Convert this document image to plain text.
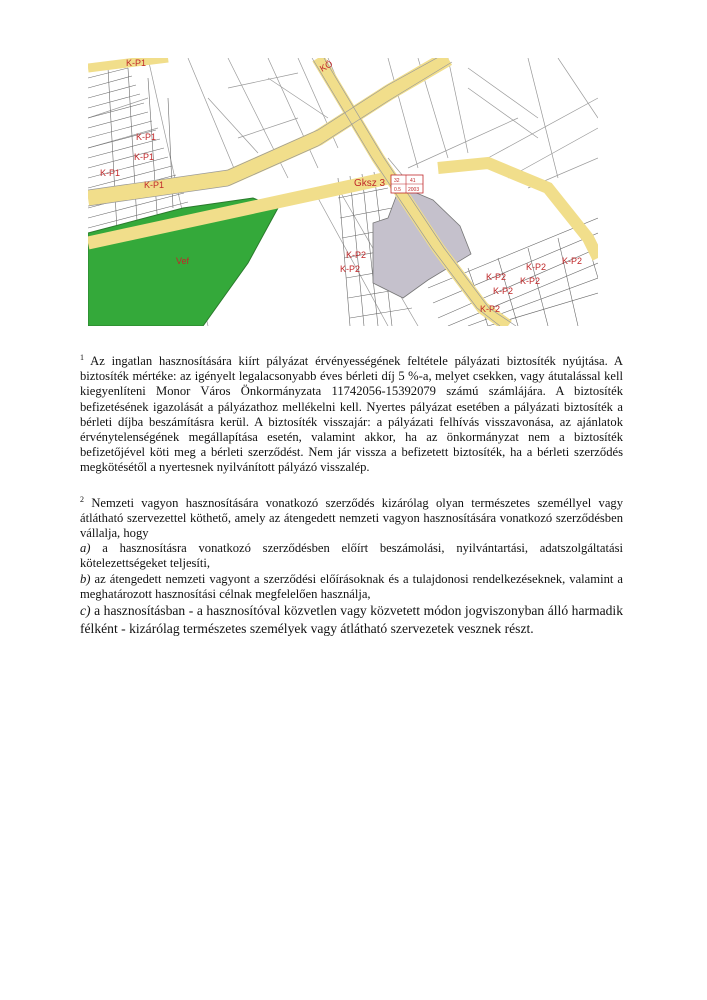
K-P1
K-P1
K-P1
K-P1
K-P1
K-P2
K-P2
K-P2
K-P2
K-P2
K-P2
K-P2
K-P2
KÖ
Vef
Gksz 3 32 41
0.5 2003

$^1$ Az ingatlan hasznosítására kiírt pályázat érvényességének feltétele pályázati biztosíték nyújtása. A biztosíték mértéke: az igényelt legalacsonyabb éves bérleti díj 5 %-a, melyet csekken, vagy átutalással kell kiegyenlíteni Monor Város Önkormányzata 11742056-15392079 számú számlájára. A biztosíték befizetésének igazolását a pályázathoz mellékelni kell. Nyertes pályázat esetében a pályázati biztosíték a bérleti díjba beszámításra kerül. A biztosíték visszajár: a pályázati felhívás visszavonása, az ajánlatok érvénytelenségének megállapítása esetén, valamint akkor, ha az önkormányzat nem a biztosíték befizetőjével köti meg a bérleti szerződést. Nem jár vissza a befizetett biztosíték, ha a bérleti szerződés megkötésétől a nyertesnek nyilvánított pályázó visszalép.

$^2$ Nemzeti vagyon hasznosítására vonatkozó szerződés kizárólag olyan természetes személlyel vagy átlátható szervezettel köthető, amely az átengedett nemzeti vagyon hasznosítására vonatkozó szerződésben vállalja, hogy

a) a hasznosításra vonatkozó szerződésben előírt beszámolási, nyilvántartási, adatszolgáltatási kötelezettségeket teljesíti,

b) az átengedett nemzeti vagyont a szerződési előírásoknak és a tulajdonosi rendelkezéseknek, valamint a meghatározott hasznosítási célnak megfelelően használja,

c) a hasznosításban - a hasznosítóval közvetlen vagy közvetett módon jogviszonyban álló harmadik félként - kizárólag természetes személyek vagy átlátható szervezetek vesznek részt.
